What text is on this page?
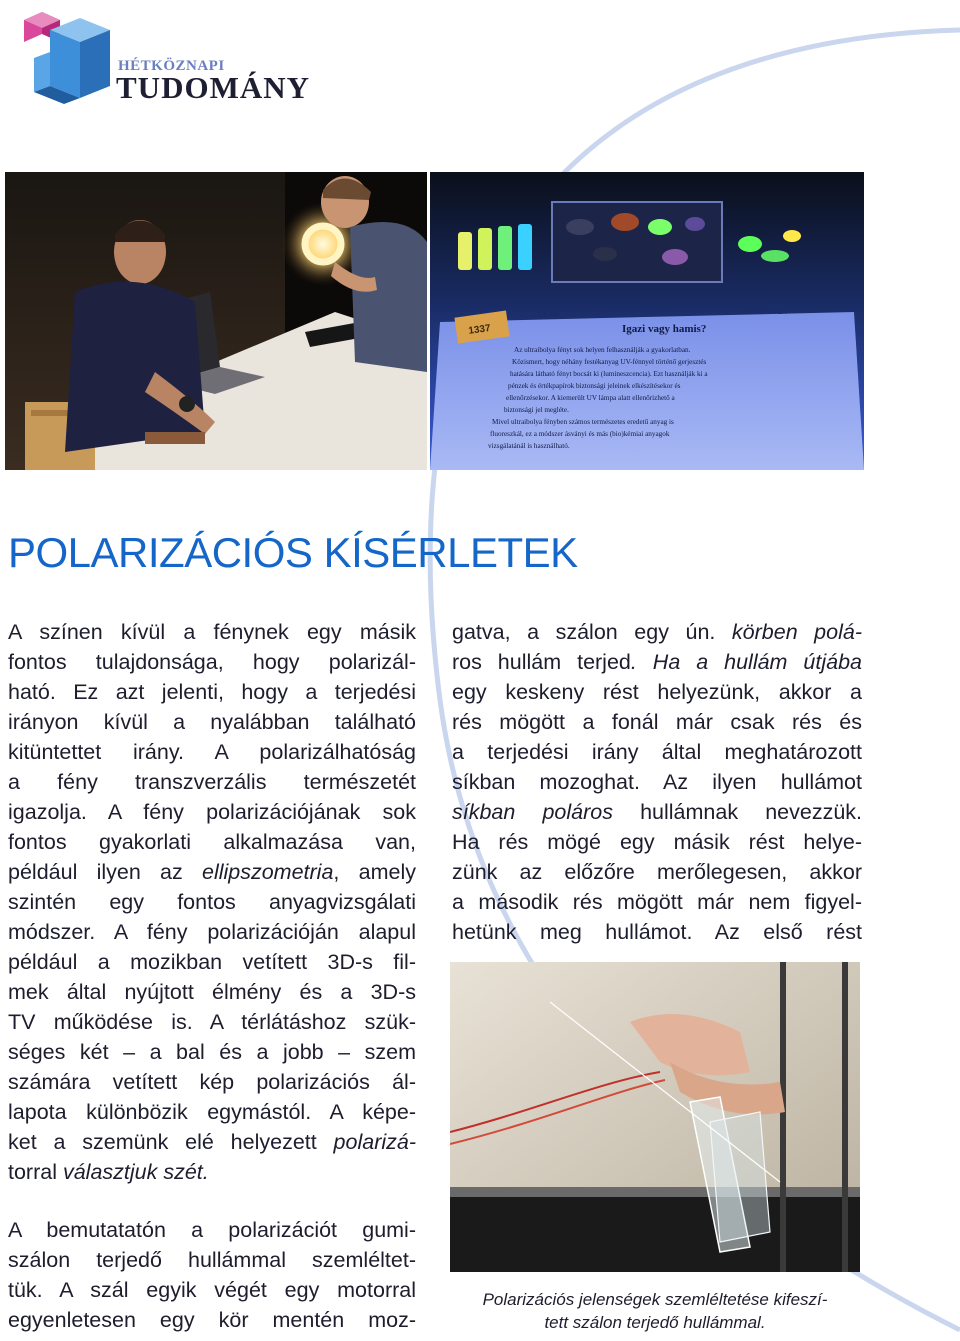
HÉTKÖZNAPI
TUDOMÁNY
1337
DEAK	LIEGNER-TEK
Igazi vagy hamis?
Az ultraibolya fényt sok helyen felhasználják a gyakorlatban.
Közismert, hogy néhány festékanyag UV-fénnyel történő gerjesztés
hatására látható fényt bocsát ki (lumineszcencia). Ezt használják ki a
pénzek és értékpapírok biztonsági jeleinek elkészítésekor és
ellenőrzésekor. A kiemerült UV lámpa alatt ellenőrizhető a
biztonsági jel megléte.
Mivel ultraibolya fényben számos természetes eredetű anyag is
fluoreszkál, ez a módszer ásványi és más (bio)kémiai anyagok
vizsgálatánál is használható.
POLARIZÁCIÓS KÍSÉRLETEK
A színen kívül a fénynek egy másik
fontos tulajdonsága, hogy polarizál-
ható. Ez azt jelenti, hogy a terjedési
irányon kívül a nyalábban található
kitüntettet irány. A polarizálhatóság
a fény transzverzális természetét
igazolja. A fény polarizációjának sok
fontos gyakorlati alkalmazása van,
például ilyen az ellipszometria, amely
szintén egy fontos anyagvizsgálati
módszer. A fény polarizációján alapul
például a mozikban vetített 3D-s fil-
mek által nyújtott élmény és a 3D-s
TV működése is. A térlátáshoz szük-
séges két – a bal és a jobb – szem
számára vetített kép polarizációs ál-
lapota különbözik egymástól. A képe-
ket a szemünk elé helyezett polarizá-
torral választjuk szét.
gatva, a szálon egy ún. körben polá-
ros hullám terjed. Ha a hullám útjába
egy keskeny rést helyezünk, akkor a
rés mögött a fonál már csak rés és
a terjedési irány által meghatározott
síkban mozoghat. Az ilyen hullámot
síkban poláros hullámnak nevezzük.
Ha rés mögé egy másik rést helye-
zünk az előzőre merőlegesen, akkor
a második rés mögött már nem figyel-
hetünk meg hullámot. Az első rést
A bemutatatón a polarizációt gumi-
szálon terjedő hullámmal szemléltet-
tük. A szál egyik végét egy motorral
egyenletesen egy kör mentén moz-
Polarizációs jelenségek szemléltetése kifeszí-
tett szálon terjedő hullámmal.
